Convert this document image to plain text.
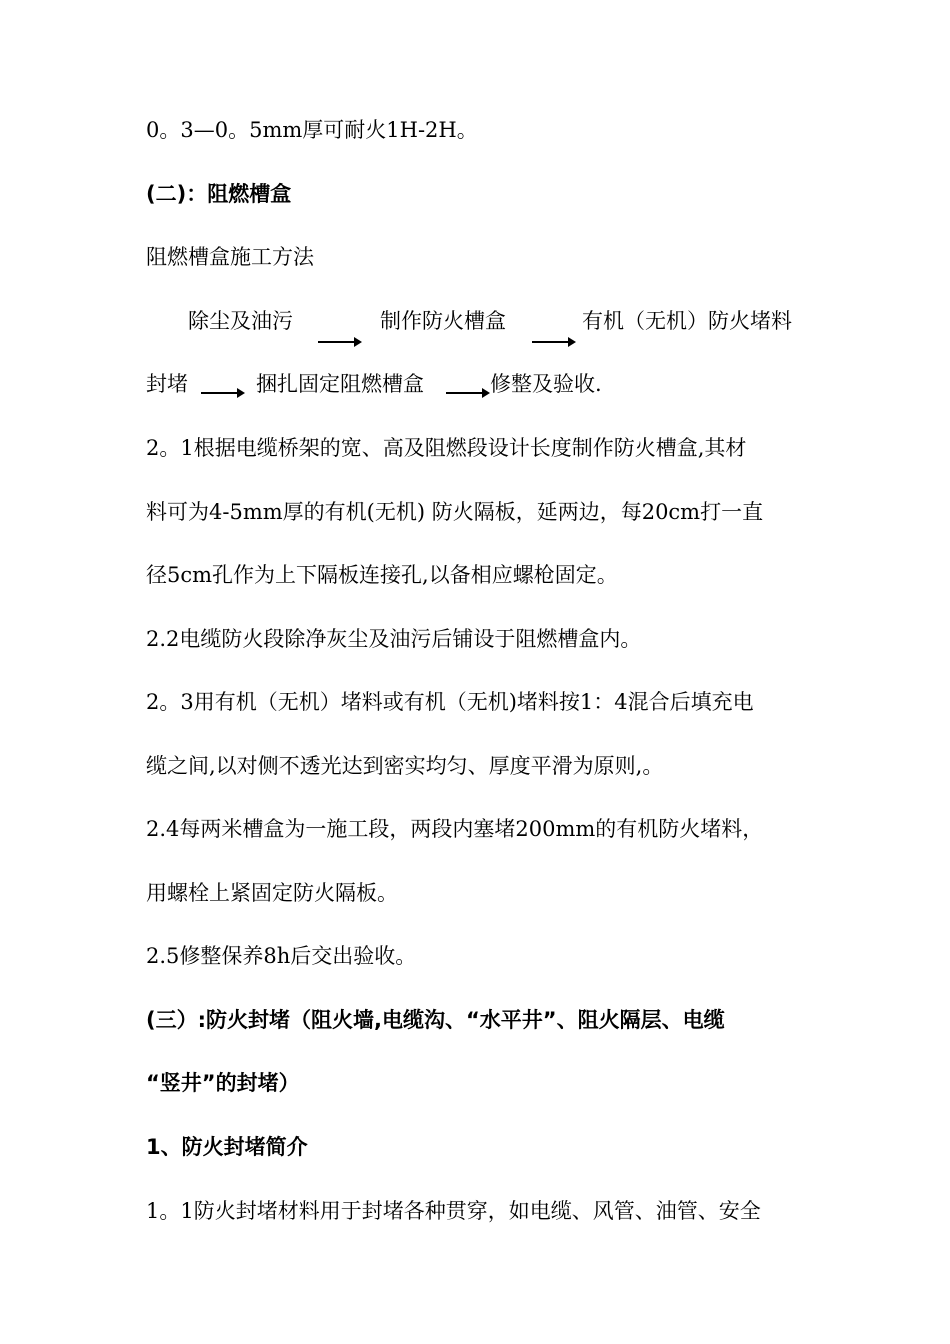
0。3—0。5mm厚可耐火1H-2H。
(二)：阻燃槽盒
阻燃槽盒施工方法
除尘及油污	制作防火槽盒	有机（无机）防火堵料
封堵	捆扎固定阻燃槽盒	修整及验收.
2。1根据电缆桥架的宽、高及阻燃段设计长度制作防火槽盒,其材
料可为4-5mm厚的有机(无机) 防火隔板，延两边，每20cm打一直
径5cm孔作为上下隔板连接孔,以备相应螺枪固定。
2.2电缆防火段除净灰尘及油污后铺设于阻燃槽盒内。
2。3用有机（无机）堵料或有机（无机)堵料按1：4混合后填充电
缆之间,以对侧不透光达到密实均匀、厚度平滑为原则,。
2.4每两米槽盒为一施工段，两段内塞堵200mm的有机防火堵料，
用螺栓上紧固定防火隔板。
2.5修整保养8h后交出验收。
(三）:防火封堵（阻火墙,电缆沟、“水平井”、阻火隔层、电缆
“竖井”的封堵）
1、防火封堵简介
1。1防火封堵材料用于封堵各种贯穿，如电缆、风管、油管、安全
